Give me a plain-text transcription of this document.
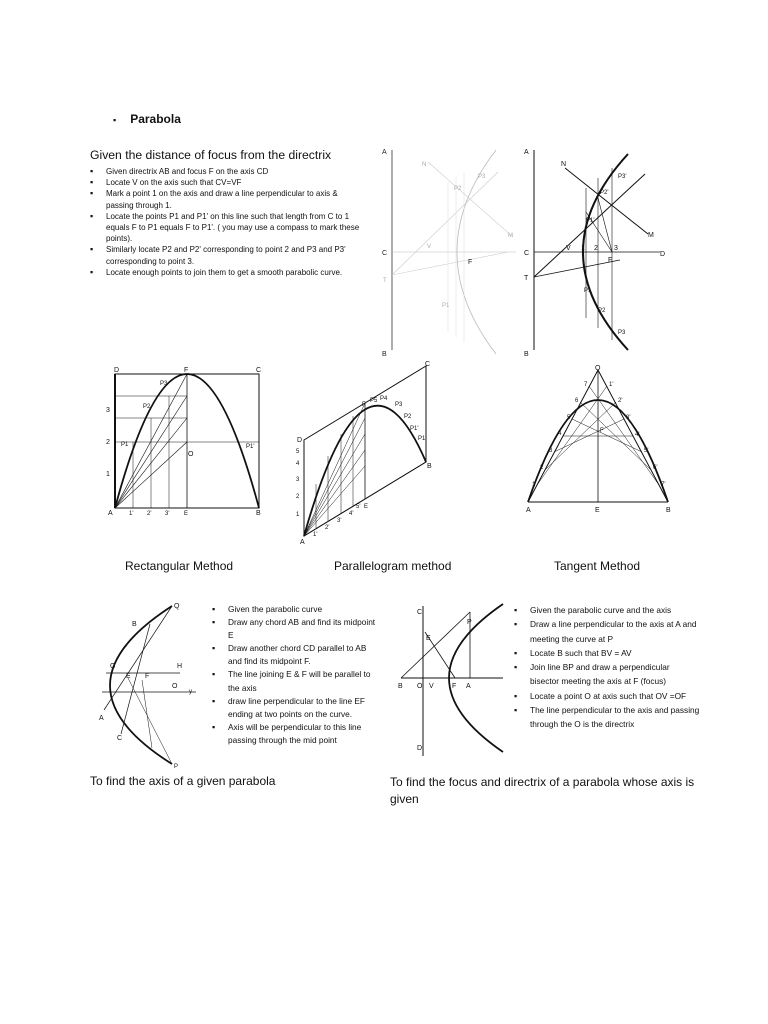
▪ Parabola
Given the distance of focus from the directrix
▪ Given directrix AB and focus F on the axis CD
▪ Locate V on the axis such that CV=VF
▪ Mark a point 1 on the axis and draw a line perpendicular to axis & passing through 1.
▪ Locate the points P1 and P1' on this line such that length from C to 1 equals F to P1 equals F to P1'. ( you may use a compass to mark these points).
▪ Similarly locate P2 and P2' corresponding to point 2 and P3 and P3' corresponding to point 3.
▪ Locate enough points to join them to get a smooth parabolic curve.
A
C
B
T
V
F
N
M
P3
P2
P1
A
C
T
B
N
M
D
V 1 2 3
F
P1
P2
P3
P3'
P2'
P1'
D	F	C
A	B
E
O
1
2
3
1' 2' 3'
P1
P2
P3
P1'
A
B
C
D
E
F
1
2
3
4
5
1'
2'
3'
4'
5'
P1
P2
P3
P4
P5
P1'
O
A	E	B
F
1
2
3
4
5
6
7	1'
2'
3'
4'
5'
6'
7'
Rectangular Method	Parallelogram method	Tangent Method
Q
B
G
E F
H
O
y
A
C
P
▪ Given the parabolic curve
▪ Draw any chord AB and find its midpoint E
▪ Draw another chord CD parallel to AB and find its midpoint F.
▪ The line joining E & F will be parallel to the axis
▪ draw line perpendicular to the line EF ending at two points on the curve.
▪ Axis will be perpendicular to this line passing through the mid point
C
P
E
B O V	F A
D
▪ Given the parabolic curve and the axis
▪ Draw a line perpendicular to the axis at A and meeting the curve at P
▪ Locate B such that BV = AV
▪ Join line BP and draw a perpendicular bisector meeting the axis at F (focus)
▪ Locate a point O at axis such that OV =OF
▪ The line perpendicular to the axis and passing through the O is the directrix
To find the axis of a given parabola	To find the focus and directrix of a parabola whose axis is given
